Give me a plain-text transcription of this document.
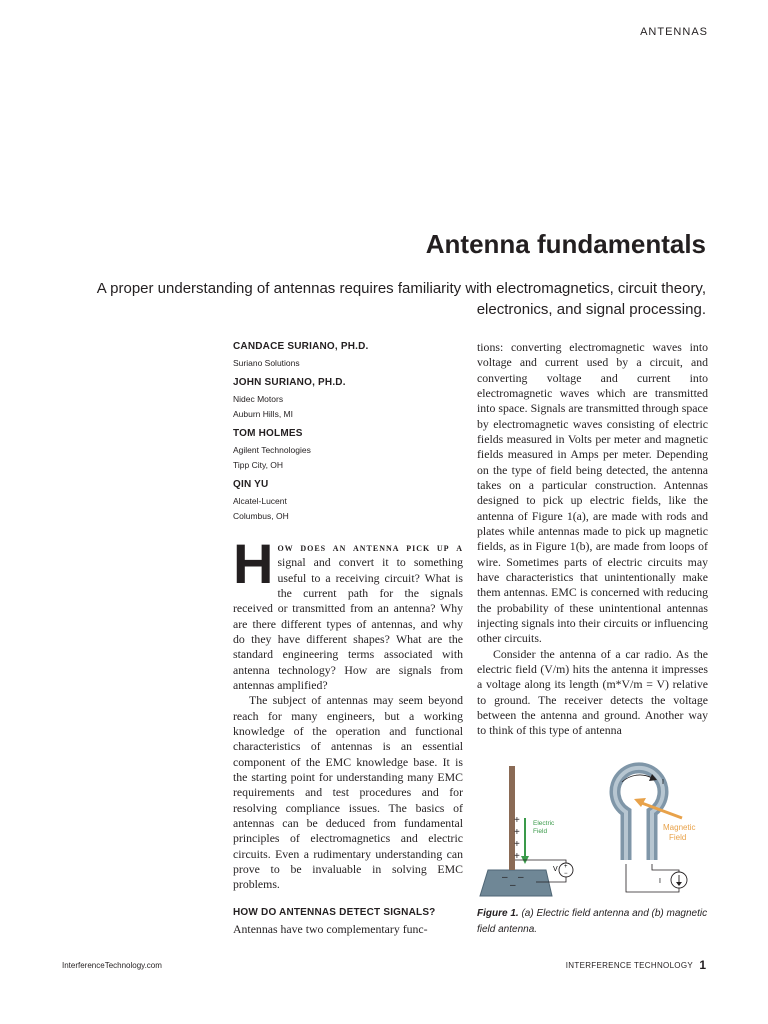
ANTENNAS
Antenna fundamentals
A proper understanding of antennas requires familiarity with electromagnetics, circuit theory, electronics, and signal processing.
CANDACE SURIANO, PH.D.
Suriano Solutions
JOHN SURIANO, PH.D.
Nidec Motors
Auburn Hills, MI
TOM HOLMES
Agilent Technologies
Tipp City, OH
QIN YU
Alcatel-Lucent
Columbus, OH

How does an antenna pick up a signal and convert it to something useful to a receiving circuit? What is the current path for the signals received or transmitted from an antenna? Why are there different types of antennas, and why do they have different shapes? What are the standard engineering terms associated with antenna technology? How are signals from antennas amplified?

The subject of antennas may seem beyond reach for many engineers, but a working knowledge of the operation and functional characteristics of antennas is an essential component of the EMC knowledge base. It is the starting point for understanding many EMC requirements and test procedures and for resolving compliance issues. The basics of antennas can be deduced from fundamental principles of electromagnetics and electric circuits. Even a rudimentary understanding can prove to be invaluable in solving EMC problems.

HOW DO ANTENNAS DETECT SIGNALS?
Antennas have two complementary func-

tions: converting electromagnetic waves into voltage and current used by a circuit, and converting voltage and current into electromagnetic waves which are transmitted into space. Signals are transmitted through space by electromagnetic waves consisting of electric fields measured in Volts per meter and magnetic fields measured in Amps per meter. Depending on the type of field being detected, the antenna takes on a particular construction. Antennas designed to pick up electric fields, like the antenna of Figure 1(a), are made with rods and plates while antennas made to pick up magnetic fields, as in Figure 1(b), are made from loops of wire. Sometimes parts of electric circuits may have characteristics that unintentionally make them antennas. EMC is concerned with reducing the probability of these unintentional antennas injecting signals into their circuits or influencing other circuits.

Consider the antenna of a car radio. As the electric field (V/m) hits the antenna it impresses a voltage along its length (m*V/m = V) relative to ground. The receiver detects the voltage between the antenna and ground. Another way to think of this type of antenna

Electric Field
+
+
+
+
– –
–
+
−
V
I
Magnetic
Field
I
Figure 1. (a) Electric field antenna and (b) magnetic field antenna.
InterferenceTechnology.com	INTERFERENCE TECHNOLOGY 1
